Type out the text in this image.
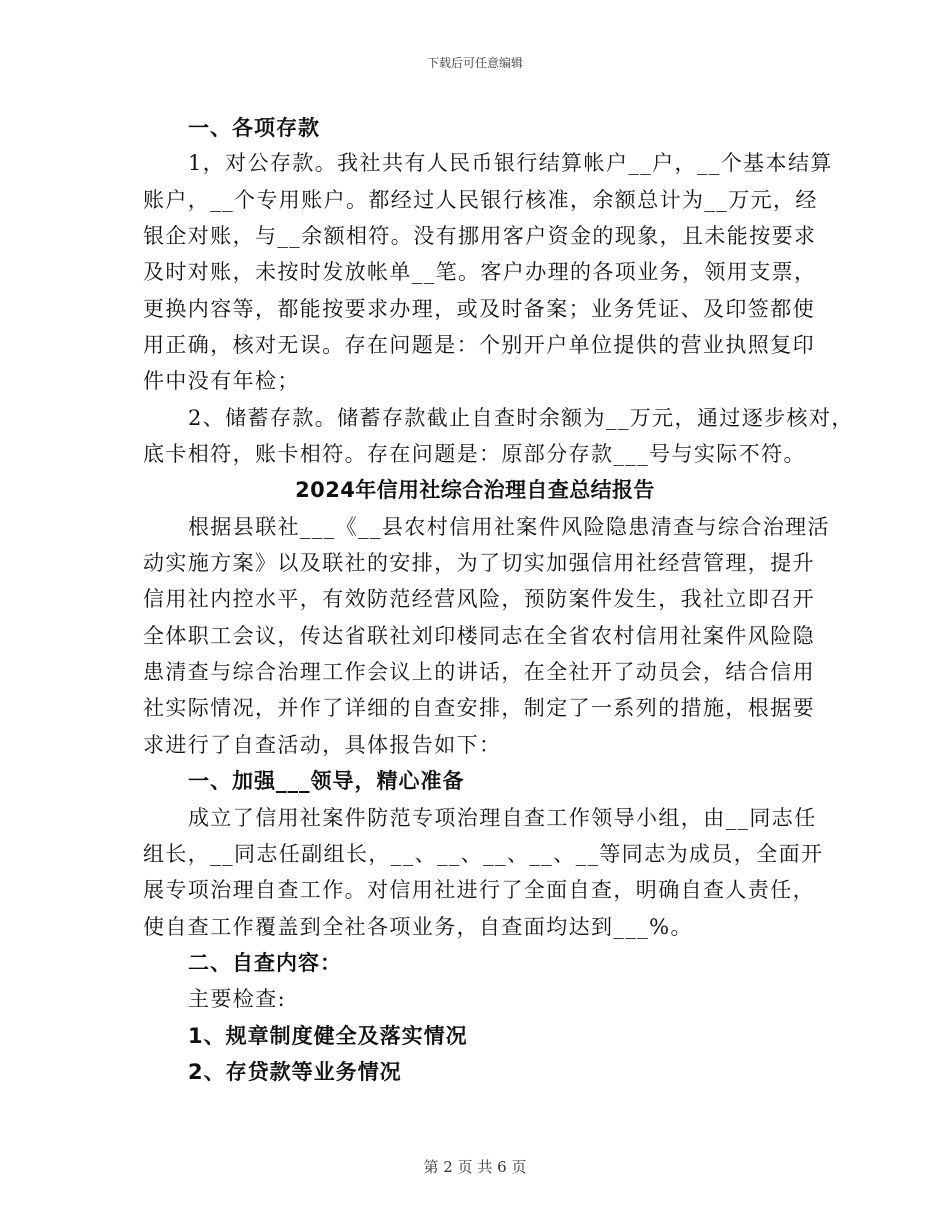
下载后可任意编辑
一、各项存款
1，对公存款。我社共有人民币银行结算帐户__户，__个基本结算
账户，__个专用账户。都经过人民银行核准，余额总计为__万元，经
银企对账，与__余额相符。没有挪用客户资金的现象，且未能按要求
及时对账，未按时发放帐单__笔。客户办理的各项业务，领用支票，
更换内容等，都能按要求办理，或及时备案；业务凭证、及印签都使
用正确，核对无误。存在问题是：个别开户单位提供的营业执照复印
件中没有年检；
2、储蓄存款。储蓄存款截止自查时余额为__万元，通过逐步核对，
底卡相符，账卡相符。存在问题是：原部分存款___号与实际不符。
2024年信用社综合治理自查总结报告
根据县联社___《__县农村信用社案件风险隐患清查与综合治理活
动实施方案》以及联社的安排，为了切实加强信用社经营管理，提升
信用社内控水平，有效防范经营风险，预防案件发生，我社立即召开
全体职工会议，传达省联社刘印楼同志在全省农村信用社案件风险隐
患清查与综合治理工作会议上的讲话，在全社开了动员会，结合信用
社实际情况，并作了详细的自查安排，制定了一系列的措施，根据要
求进行了自查活动，具体报告如下：
一、加强___领导，精心准备
成立了信用社案件防范专项治理自查工作领导小组，由__同志任
组长，__同志任副组长，__、__、__、__、__等同志为成员，全面开
展专项治理自查工作。对信用社进行了全面自查，明确自查人责任，
使自查工作覆盖到全社各项业务，自查面均达到___%。
二、自查内容：
主要检查:
1、规章制度健全及落实情况
2、存贷款等业务情况
第 2 页 共 6 页
